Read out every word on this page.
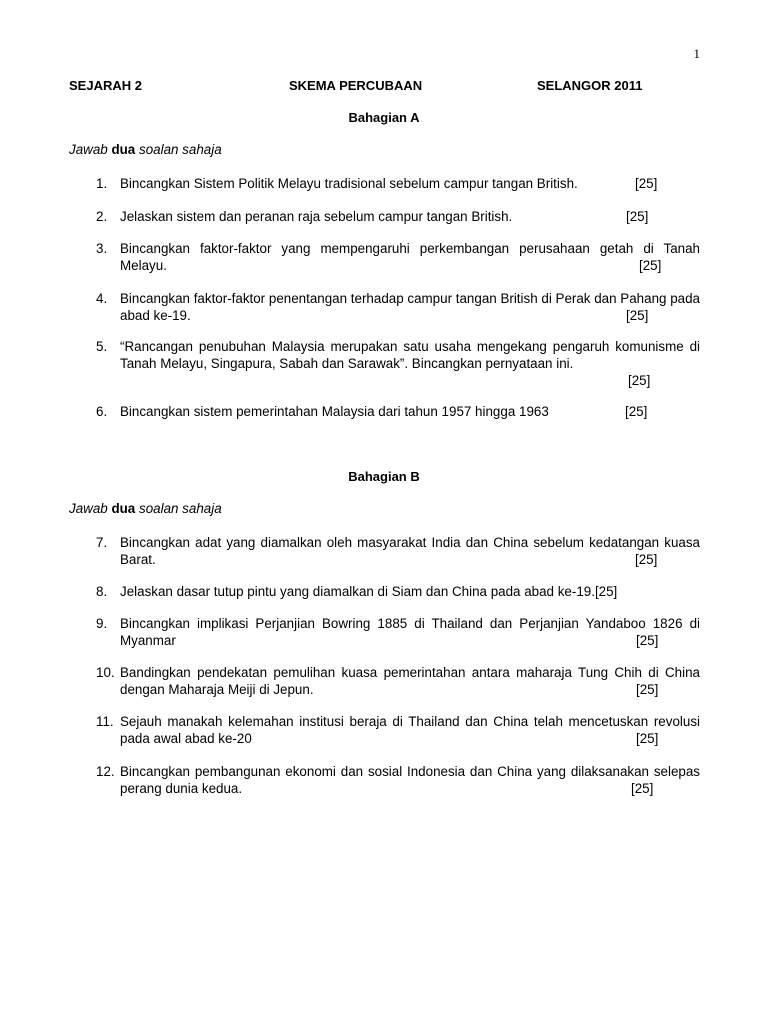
1
SEJARAH 2	SKEMA PERCUBAAN	SELANGOR 2011
Bahagian A
Jawab dua soalan sahaja
1. Bincangkan Sistem Politik Melayu tradisional sebelum campur tangan British.	[25]
2. Jelaskan sistem dan peranan raja sebelum campur tangan British.	[25]
3. Bincangkan faktor-faktor yang mempengaruhi perkembangan perusahaan getah di Tanah Melayu.	[25]
4. Bincangkan faktor-faktor penentangan terhadap campur tangan British di Perak dan Pahang pada abad ke-19.	[25]
5. “Rancangan penubuhan Malaysia merupakan satu usaha mengekang pengaruh komunisme di Tanah Melayu, Singapura, Sabah dan Sarawak”. Bincangkan pernyataan ini.
[25]
6. Bincangkan sistem pemerintahan Malaysia dari tahun 1957 hingga 1963	[25]
Bahagian B
Jawab dua soalan sahaja
7. Bincangkan adat yang diamalkan oleh masyarakat India dan China sebelum kedatangan kuasa Barat.	[25]
8. Jelaskan dasar tutup pintu yang diamalkan di Siam dan China pada abad ke-19.[25]
9. Bincangkan implikasi Perjanjian Bowring 1885 di Thailand dan Perjanjian Yandaboo 1826 di Myanmar	[25]
10. Bandingkan pendekatan pemulihan kuasa pemerintahan antara maharaja Tung Chih di China dengan Maharaja Meiji di Jepun.	[25]
11. Sejauh manakah kelemahan institusi beraja di Thailand dan China telah mencetuskan revolusi pada awal abad ke-20	[25]
12. Bincangkan pembangunan ekonomi dan sosial Indonesia dan China yang dilaksanakan selepas perang dunia kedua.	[25]
